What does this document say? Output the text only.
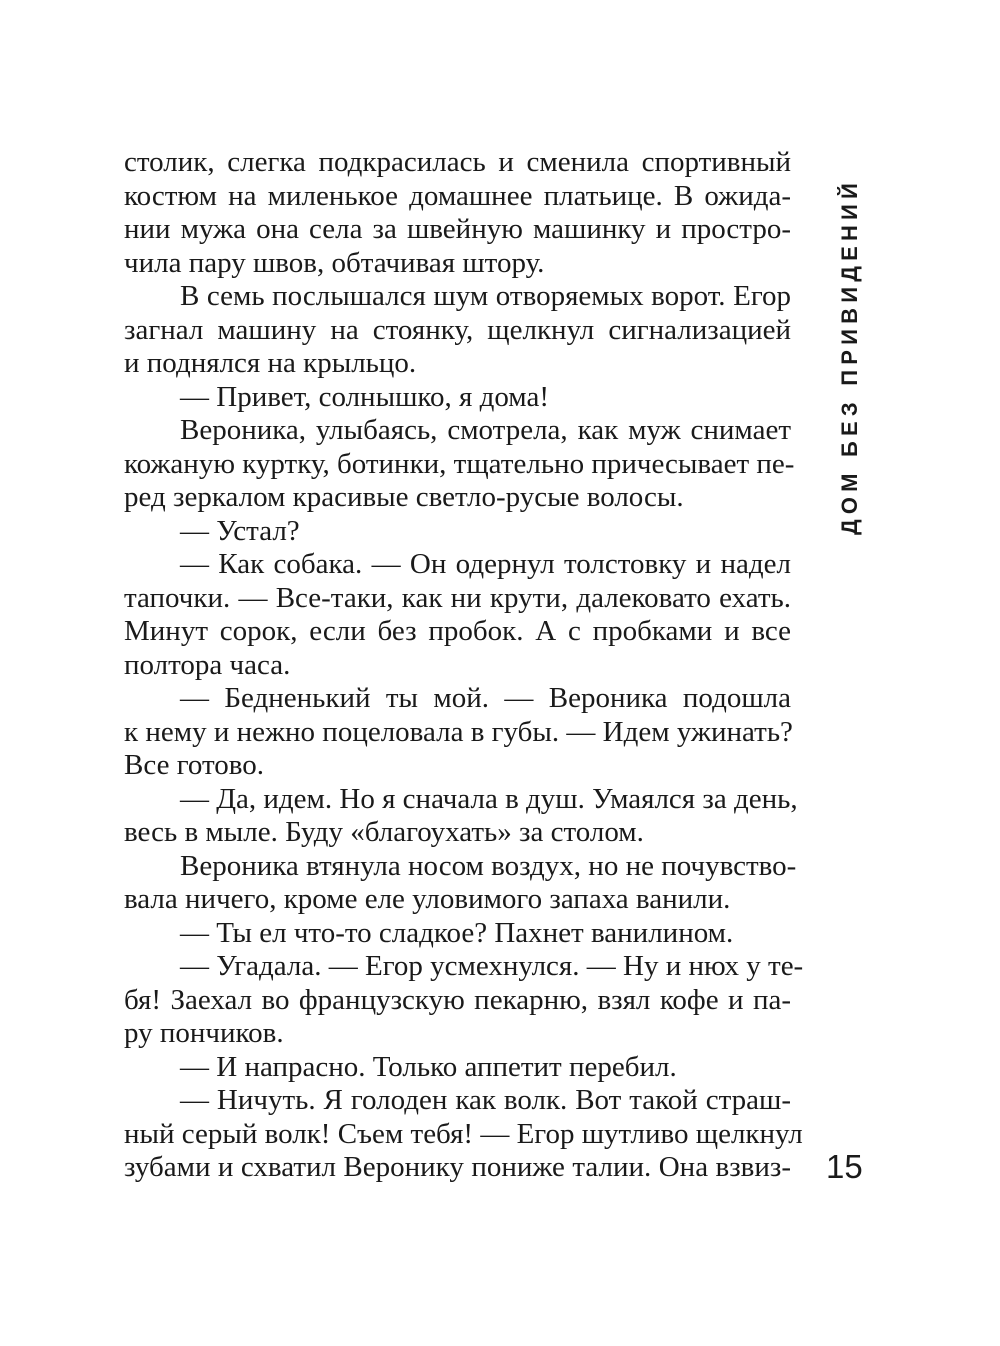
столик, слегка подкрасилась и сменила спортивный
костюм на миленькое домашнее платьице. В ожида-
нии мужа она села за швейную машинку и простро-
чила пару швов, обтачивая штору.
В семь послышался шум отворяемых ворот. Егор
загнал машину на стоянку, щелкнул сигнализацией
и поднялся на крыльцо.
— Привет, солнышко, я дома!
Вероника, улыбаясь, смотрела, как муж снимает
кожаную куртку, ботинки, тщательно причесывает пе-
ред зеркалом красивые светло-русые волосы.
— Устал?
— Как собака. — Он одернул толстовку и надел
тапочки. — Все-таки, как ни крути, далековато ехать.
Минут сорок, если без пробок. А с пробками и все
полтора часа.
— Бедненький ты мой. — Вероника подошла
к нему и нежно поцеловала в губы. — Идем ужинать?
Все готово.
— Да, идем. Но я сначала в душ. Умаялся за день,
весь в мыле. Буду «благоухать» за столом.
Вероника втянула носом воздух, но не почувство-
вала ничего, кроме еле уловимого запаха ванили.
— Ты ел что-то сладкое? Пахнет ванилином.
— Угадала. — Егор усмехнулся. — Ну и нюх у те-
бя! Заехал во французскую пекарню, взял кофе и па-
ру пончиков.
— И напрасно. Только аппетит перебил.
— Ничуть. Я голоден как волк. Вот такой страш-
ный серый волк! Съем тебя! — Егор шутливо щелкнул
зубами и схватил Веронику пониже талии. Она взвиз-
ДОМ БЕЗ ПРИВИДЕНИЙ
15
